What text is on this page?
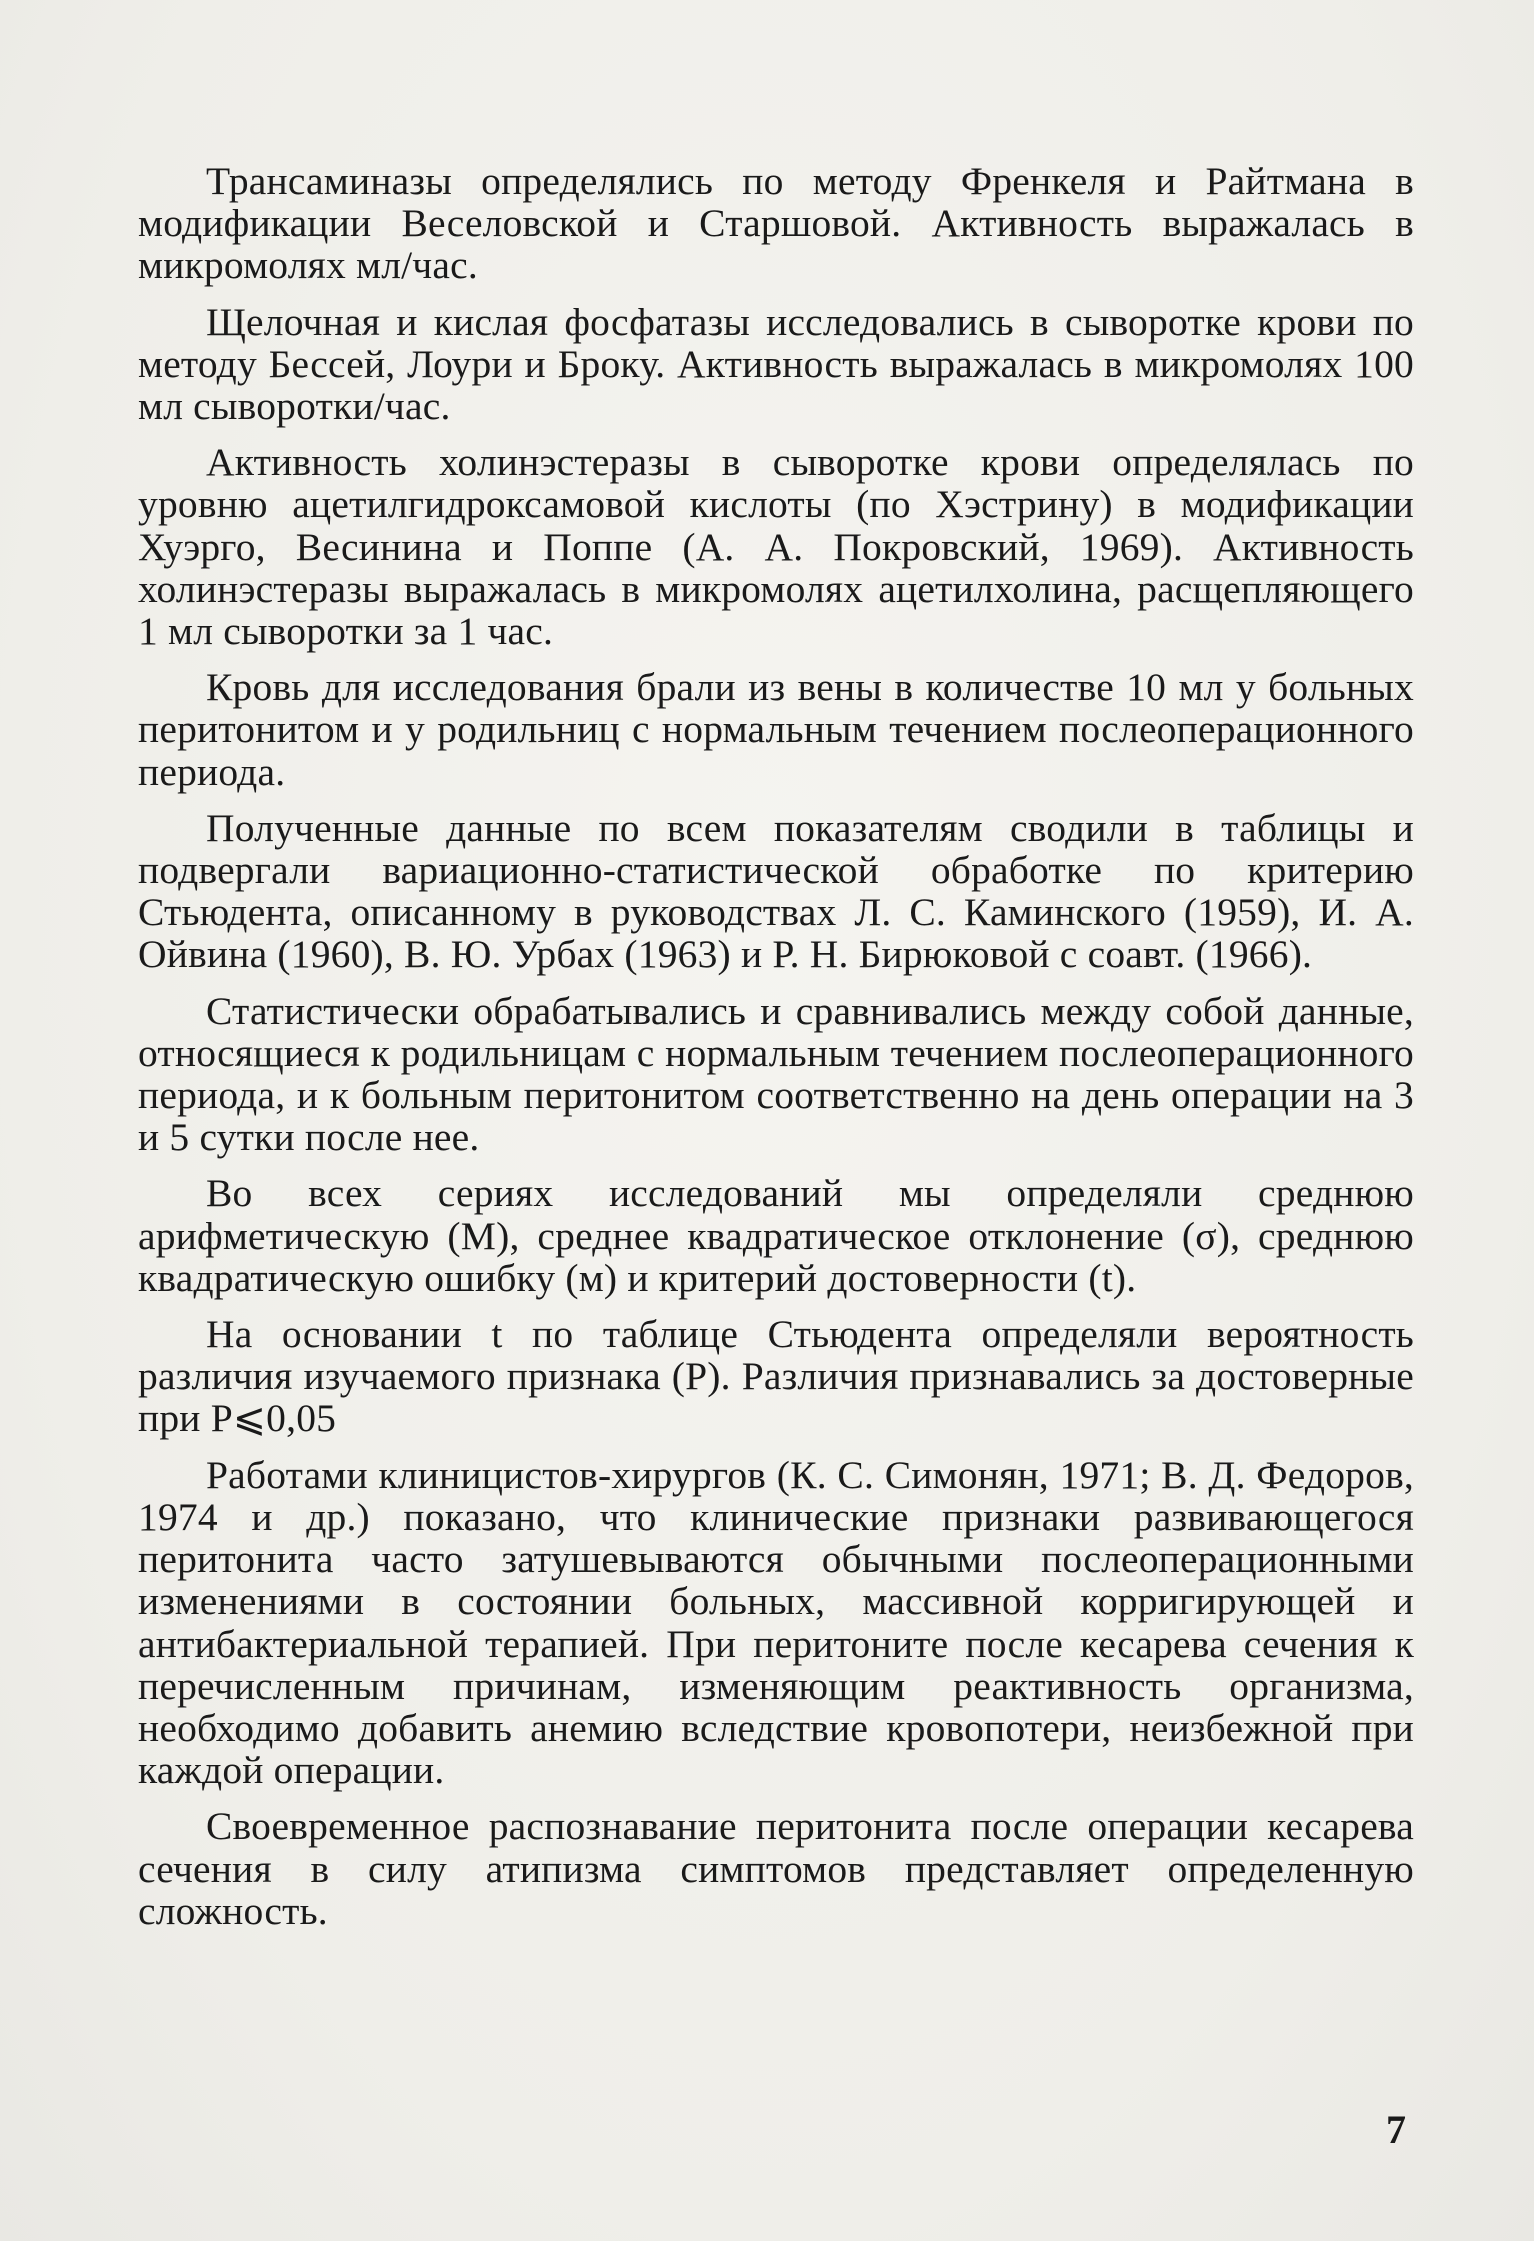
Трансаминазы определялись по методу Френкеля и Райтмана в модификации Веселовской и Старшовой. Активность выражалась в микромолях мл/час.

Щелочная и кислая фосфатазы исследовались в сыворотке крови по методу Бессей, Лоури и Броку. Активность выражалась в микромолях 100 мл сыворотки/час.

Активность холинэстеразы в сыворотке крови определялась по уровню ацетилгидроксамовой кислоты (по Хэстрину) в модификации Хуэрго, Весинина и Поппе (А. А. Покровский, 1969). Активность холинэстеразы выражалась в микромолях ацетилхолина, расщепляющего 1 мл сыворотки за 1 час.

Кровь для исследования брали из вены в количестве 10 мл у больных перитонитом и у родильниц с нормальным течением послеоперационного периода.

Полученные данные по всем показателям сводили в таблицы и подвергали вариационно-статистической обработке по критерию Стьюдента, описанному в руководствах Л. С. Каминского (1959), И. А. Ойвина (1960), В. Ю. Урбах (1963) и Р. Н. Бирюковой с соавт. (1966).

Статистически обрабатывались и сравнивались между собой данные, относящиеся к родильницам с нормальным течением послеоперационного периода, и к больным перитонитом соответственно на день операции на 3 и 5 сутки после нее.

Во всех сериях исследований мы определяли среднюю арифметическую (М), среднее квадратическое отклонение (σ), среднюю квадратическую ошибку (м) и критерий достоверности (t).

На основании t по таблице Стьюдента определяли вероятность различия изучаемого признака (Р). Различия признавались за достоверные при Р⩽0,05

Работами клиницистов-хирургов (К. С. Симонян, 1971; В. Д. Федоров, 1974 и др.) показано, что клинические признаки развивающегося перитонита часто затушевываются обычными послеоперационными изменениями в состоянии больных, массивной корригирующей и антибактериальной терапией. При перитоните после кесарева сечения к перечисленным причинам, изменяющим реактивность организма, необходимо добавить анемию вследствие кровопотери, неизбежной при каждой операции.

Своевременное распознавание перитонита после операции кесарева сечения в силу атипизма симптомов представляет определенную сложность.

7
